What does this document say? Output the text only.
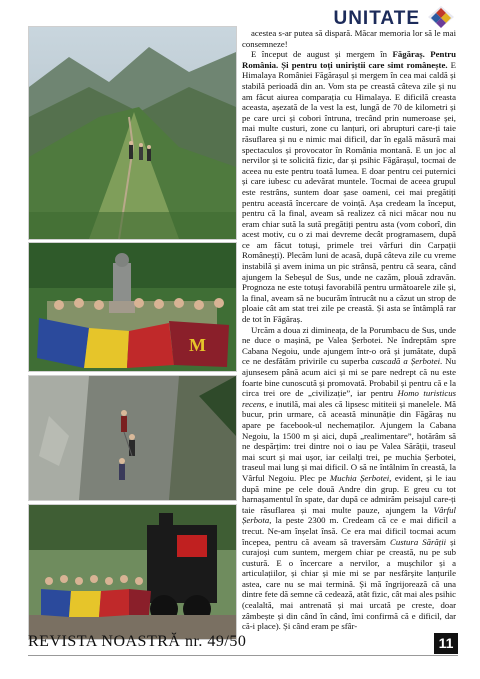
UNITATE
M

acestea s-ar putea să dispară. Măcar memoria lor să le mai consemneze!

E început de august și mergem în Făgăraș. Pentru România. Și pentru toți uniriștii care simt românește. E Himalaya României Făgărașul și mergem în cea mai caldă și stabilă perioadă din an. Vom sta pe creastă câteva zile și nu am făcut aiurea comparația cu Himalaya. E dificilă creasta aceasta, așezată de la vest la est, lungă de 70 de kilometri și pe care urci și cobori întruna, trecând prin numeroase șei, mai multe custuri, zone cu lanțuri, ori abrupturi care-ți taie răsuflarea și nu e nimic mai dificil, dar în egală măsură mai spectaculos și provocator în România montană. E un joc al nervilor și te solicită fizic, dar și psihic Făgărașul, tocmai de aceea nu este pentru toată lumea. E doar pentru cei puternici și care iubesc cu adevărat muntele. Tocmai de aceea grupul este restrâns, suntem doar șase oameni, cei mai pregătiți pentru această încercare de voință. Așa credeam la început, pentru că la final, aveam să realizez că nici măcar nou nu eram chiar sută la sută pregătiți pentru asta (vom coborî, din acest motiv, cu o zi mai devreme decât programasem, după ce am făcut totuși, primele trei vârfuri din Carpații Româneșți). Plecăm luni de acasă, după câteva zile cu vreme instabilă și avem inima un pic strânsă, pentru că seara, când ajungem la Sebeșul de Sus, unde ne cazăm, plouă zdravăn. Prognoza ne este totuși favorabilă pentru următoarele zile și, la final, aveam să ne bucurăm întrucât nu a căzut un strop de ploaie cât am stat trei zile pe creastă. Și asta se întâmplă rar de tot în Făgăraș.

Urcăm a doua zi dimineața, de la Porumbacu de Sus, unde ne duce o mașină, pe Valea Șerbotei. Ne îndreptăm spre Cabana Negoiu, unde ajungem într-o oră și jumătate, după ce ne desfătăm privirile cu superba cascadă a Șerbotei. Nu ajunsesem până acum aici și mi se pare nedrept că nu este foarte bine cunoscută și promovată. Probabil și pentru că e la circa trei ore de „civilizație”, iar pentru Homo turisticus recens, e inutilă, mai ales că lipsesc mititeii și manelele. Mă bucur, prin urmare, că această minunăție din Făgăraș nu apare pe facebook-ul nechemaților. Ajungem la Cabana Negoiu, la 1500 m și aici, după „realimentare”, hotărâm să ne despărțim: trei dintre noi o iau pe Valea Sărății, traseul mai scurt și mai ușor, iar ceilalți trei, pe muchia Șerbotei, traseul mai lung și mai dificil. O să ne întâlnim în creastă, la Vârful Negoiu. Plec pe Muchia Șerbotei, evident, și le iau după mine pe cele două Andre din grup. E greu cu tot harnașamentul în spate, dar după ce admirăm peisajul care-ți taie răsuflarea și mai multe pauze, ajungem la Vârful Șerbota, la peste 2300 m. Credeam că ce e mai dificil a trecut. Ne-am înșelat însă. Ce era mai dificil tocmai acum începea, pentru că aveam să traversăm Custura Sărății și curajoși cum suntem, mergem chiar pe creastă, nu pe sub custură. E o încercare a nervilor, a mușchilor și a articulațiilor, și chiar și mie mi se par nesfârșite lanțurile astea, care nu se mai termină. Și mă îngrijorează că una dintre fete dă semne că cedează, atât fizic, cât mai ales psihic (cealaltă, mai antrenată și mai urcată pe creste, doar zâmbește și din când în când, îmi confirmă că e dificil, dar că-i place). Și când eram pe sfâr-

REVISTA NOASTRĂ nr. 49/50	11
